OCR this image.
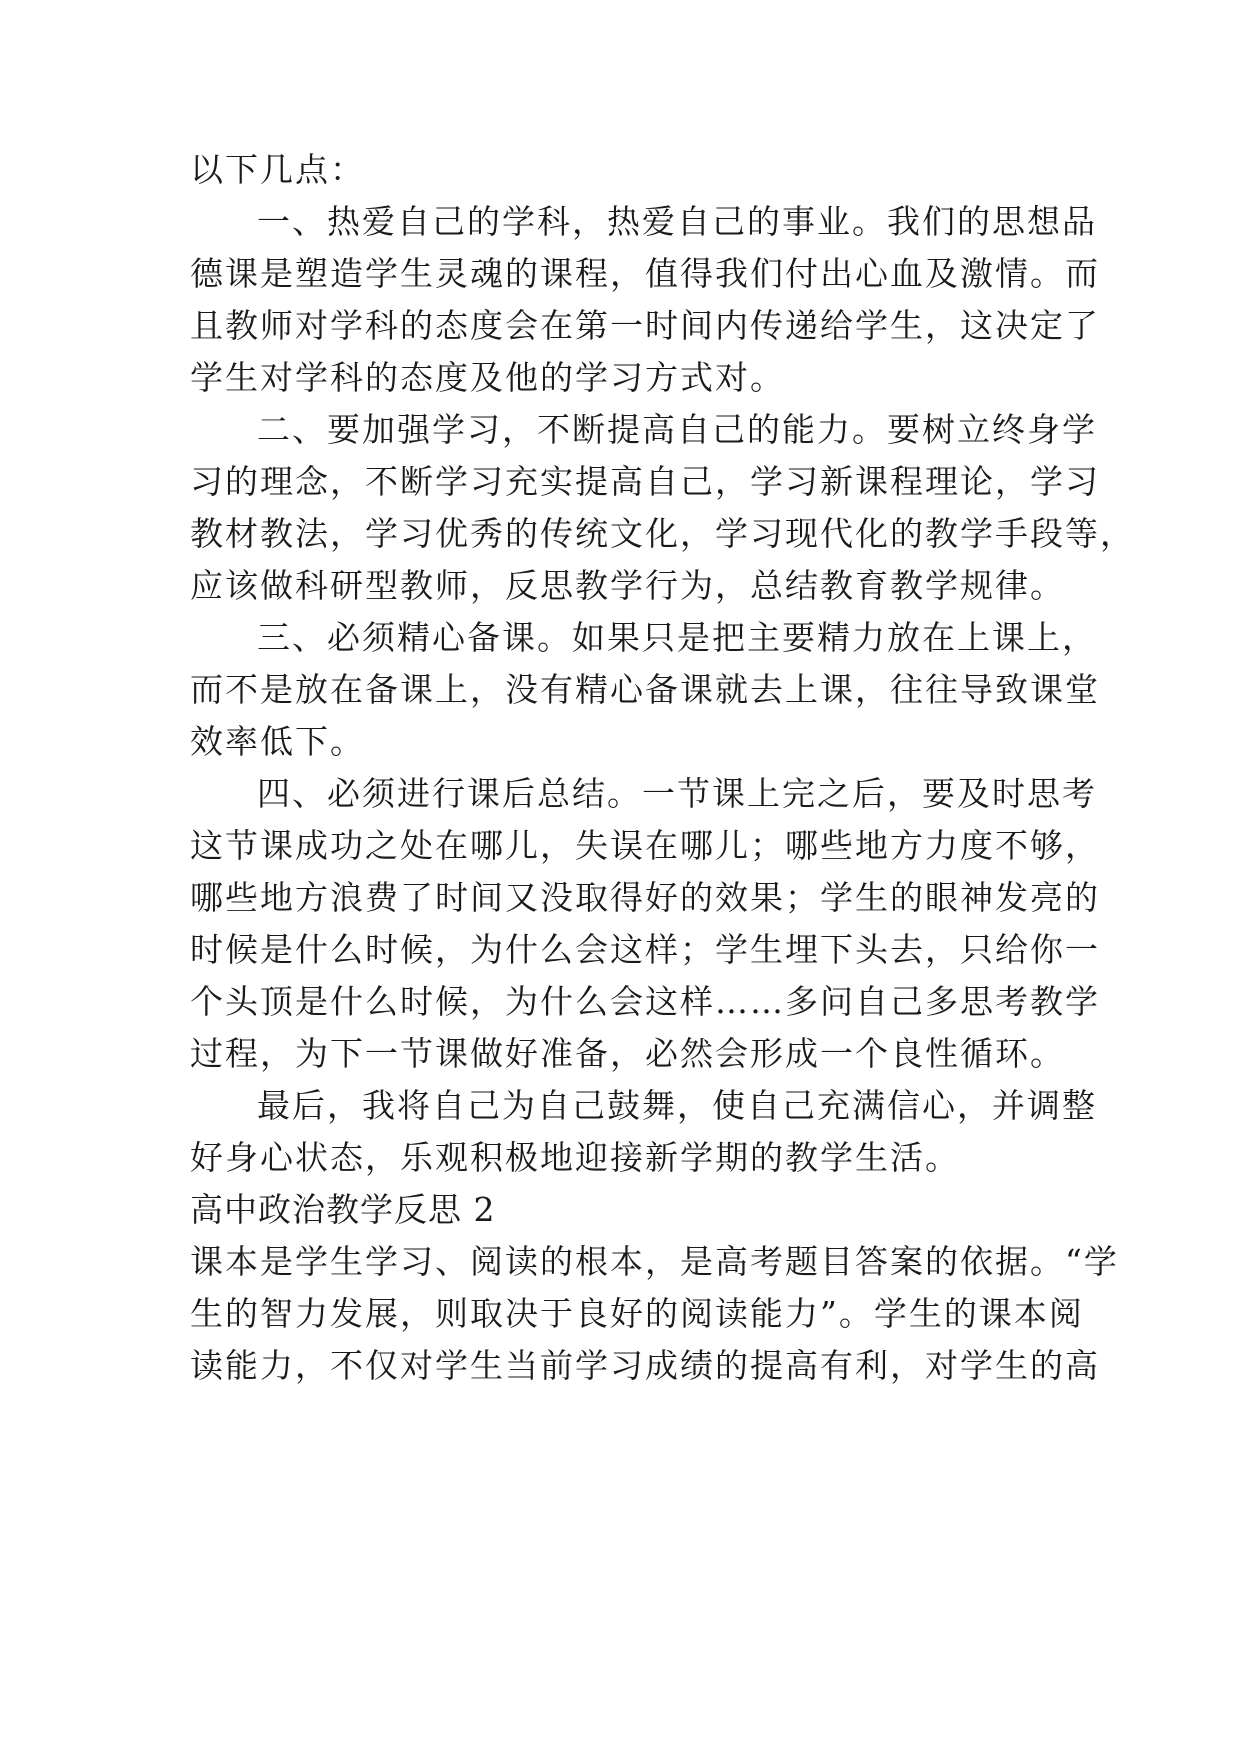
以下几点：
一、热爱自己的学科，热爱自己的事业。我们的思想品
德课是塑造学生灵魂的课程，值得我们付出心血及激情。而
且教师对学科的态度会在第一时间内传递给学生，这决定了
学生对学科的态度及他的学习方式对。
二、要加强学习，不断提高自己的能力。要树立终身学
习的理念，不断学习充实提高自己，学习新课程理论，学习
教材教法，学习优秀的传统文化，学习现代化的教学手段等，
应该做科研型教师，反思教学行为，总结教育教学规律。
三、必须精心备课。如果只是把主要精力放在上课上，
而不是放在备课上，没有精心备课就去上课，往往导致课堂
效率低下。
四、必须进行课后总结。一节课上完之后，要及时思考
这节课成功之处在哪儿，失误在哪儿；哪些地方力度不够，
哪些地方浪费了时间又没取得好的效果；学生的眼神发亮的
时候是什么时候，为什么会这样；学生埋下头去，只给你一
个头顶是什么时候，为什么会这样……多问自己多思考教学
过程，为下一节课做好准备，必然会形成一个良性循环。
最后，我将自己为自己鼓舞，使自己充满信心，并调整
好身心状态，乐观积极地迎接新学期的教学生活。
高中政治教学反思 2
课本是学生学习、阅读的根本，是高考题目答案的依据。“学
生的智力发展，则取决于良好的阅读能力”。学生的课本阅
读能力，不仅对学生当前学习成绩的提高有利，对学生的高
